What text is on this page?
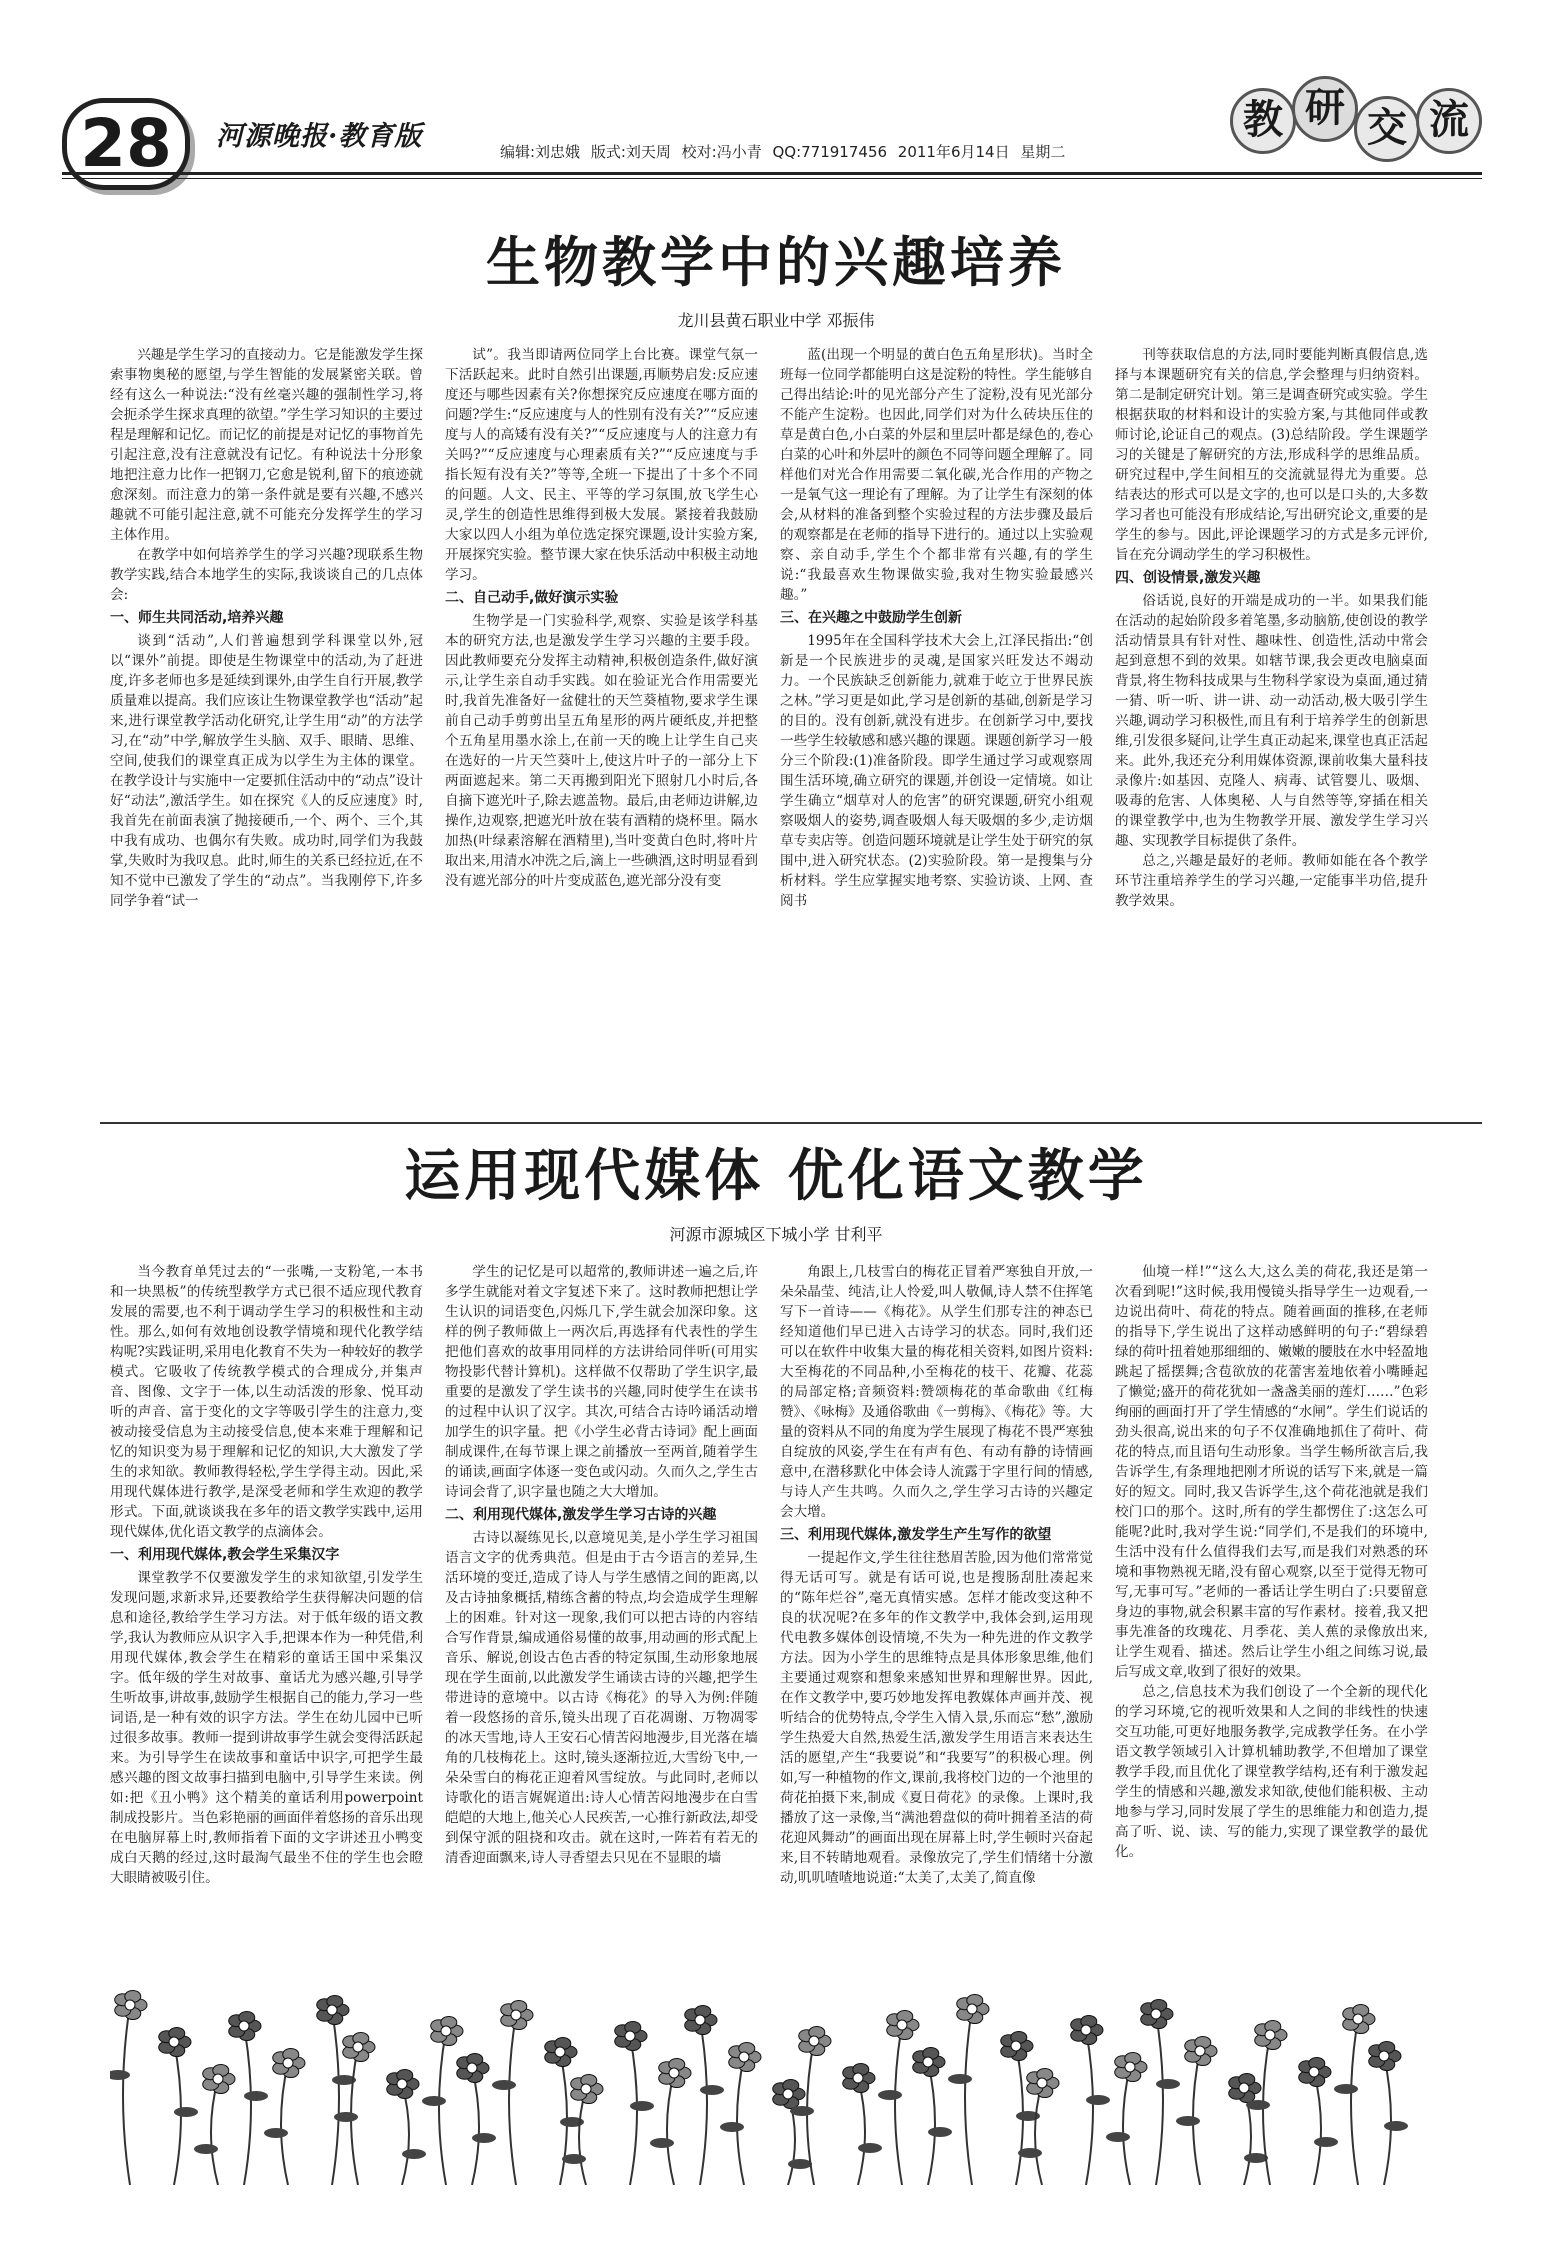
28	河源晚报·教育版	编辑:刘忠娥 版式:刘天周 校对:冯小青 QQ:771917456 2011年6月14日 星期二
教 研 交 流
生物教学中的兴趣培养
龙川县黄石职业中学 邓振伟

兴趣是学生学习的直接动力。它是能激发学生探索事物奥秘的愿望,与学生智能的发展紧密关联。曾经有这么一种说法:“没有丝毫兴趣的强制性学习,将会扼杀学生探求真理的欲望。”学生学习知识的主要过程是理解和记忆。而记忆的前提是对记忆的事物首先引起注意,没有注意就没有记忆。有种说法十分形象地把注意力比作一把钢刀,它愈是锐利,留下的痕迹就愈深刻。而注意力的第一条件就是要有兴趣,不感兴趣就不可能引起注意,就不可能充分发挥学生的学习主体作用。

在教学中如何培养学生的学习兴趣?现联系生物教学实践,结合本地学生的实际,我谈谈自己的几点体会:

一、师生共同活动,培养兴趣

谈到“活动”,人们普遍想到学科课堂以外,冠以“课外”前提。即使是生物课堂中的活动,为了赶进度,许多老师也多是延续到课外,由学生自行开展,教学质量难以提高。我们应该让生物课堂教学也“活动”起来,进行课堂教学活动化研究,让学生用“动”的方法学习,在“动”中学,解放学生头脑、双手、眼睛、思维、空间,使我们的课堂真正成为以学生为主体的课堂。在教学设计与实施中一定要抓住活动中的“动点”设计好“动法”,激活学生。如在探究《人的反应速度》时,我首先在前面表演了抛接硬币,一个、两个、三个,其中我有成功、也偶尔有失败。成功时,同学们为我鼓掌,失败时为我叹息。此时,师生的关系已经拉近,在不知不觉中已激发了学生的“动点”。当我刚停下,许多同学争着“试一

试”。我当即请两位同学上台比赛。课堂气氛一下活跃起来。此时自然引出课题,再顺势启发:反应速度还与哪些因素有关?你想探究反应速度在哪方面的问题?学生:“反应速度与人的性别有没有关?”“反应速度与人的高矮有没有关?”“反应速度与人的注意力有关吗?”“反应速度与心理素质有关?”“反应速度与手指长短有没有关?”等等,全班一下提出了十多个不同的问题。人文、民主、平等的学习氛围,放飞学生心灵,学生的创造性思维得到极大发展。紧接着我鼓励大家以四人小组为单位选定探究课题,设计实验方案,开展探究实验。整节课大家在快乐活动中积极主动地学习。

二、自己动手,做好演示实验

生物学是一门实验科学,观察、实验是该学科基本的研究方法,也是激发学生学习兴趣的主要手段。因此教师要充分发挥主动精神,积极创造条件,做好演示,让学生亲自动手实践。如在验证光合作用需要光时,我首先准备好一盆健壮的天竺葵植物,要求学生课前自己动手剪剪出呈五角星形的两片硬纸皮,并把整个五角星用墨水涂上,在前一天的晚上让学生自己夹在选好的一片天竺葵叶上,使这片叶子的一部分上下两面遮起来。第二天再搬到阳光下照射几小时后,各自摘下遮光叶子,除去遮盖物。最后,由老师边讲解,边操作,边观察,把遮光叶放在装有酒精的烧杯里。隔水加热(叶绿素溶解在酒精里),当叶变黄白色时,将叶片取出来,用清水冲洗之后,滴上一些碘酒,这时明显看到没有遮光部分的叶片变成蓝色,遮光部分没有变

蓝(出现一个明显的黄白色五角星形状)。当时全班每一位同学都能明白这是淀粉的特性。学生能够自己得出结论:叶的见光部分产生了淀粉,没有见光部分不能产生淀粉。也因此,同学们对为什么砖块压住的草是黄白色,小白菜的外层和里层叶都是绿色的,卷心白菜的心叶和外层叶的颜色不同等问题全理解了。同样他们对光合作用需要二氧化碳,光合作用的产物之一是氧气这一理论有了理解。为了让学生有深刻的体会,从材料的准备到整个实验过程的方法步骤及最后的观察都是在老师的指导下进行的。通过以上实验观察、亲自动手,学生个个都非常有兴趣,有的学生说:“我最喜欢生物课做实验,我对生物实验最感兴趣。”

三、在兴趣之中鼓励学生创新

1995年在全国科学技术大会上,江泽民指出:“创新是一个民族进步的灵魂,是国家兴旺发达不竭动力。一个民族缺乏创新能力,就难于屹立于世界民族之林。”学习更是如此,学习是创新的基础,创新是学习的目的。没有创新,就没有进步。在创新学习中,要找一些学生较敏感和感兴趣的课题。课题创新学习一般分三个阶段:(1)准备阶段。即学生通过学习或观察周围生活环境,确立研究的课题,并创设一定情境。如让学生确立“烟草对人的危害”的研究课题,研究小组观察吸烟人的姿势,调查吸烟人每天吸烟的多少,走访烟草专卖店等。创造问题环境就是让学生处于研究的氛围中,进入研究状态。(2)实验阶段。第一是搜集与分析材料。学生应掌握实地考察、实验访谈、上网、查阅书

刊等获取信息的方法,同时要能判断真假信息,选择与本课题研究有关的信息,学会整理与归纳资料。第二是制定研究计划。第三是调查研究或实验。学生根据获取的材料和设计的实验方案,与其他同伴或教师讨论,论证自己的观点。(3)总结阶段。学生课题学习的关键是了解研究的方法,形成科学的思维品质。研究过程中,学生间相互的交流就显得尤为重要。总结表达的形式可以是文字的,也可以是口头的,大多数学习者也可能没有形成结论,写出研究论文,重要的是学生的参与。因此,评论课题学习的方式是多元评价,旨在充分调动学生的学习积极性。

四、创设情景,激发兴趣

俗话说,良好的开端是成功的一半。如果我们能在活动的起始阶段多着笔墨,多动脑筋,使创设的教学活动情景具有针对性、趣味性、创造性,活动中常会起到意想不到的效果。如辖节课,我会更改电脑桌面背景,将生物科技成果与生物科学家设为桌面,通过猜一猜、听一听、讲一讲、动一动活动,极大吸引学生兴趣,调动学习积极性,而且有利于培养学生的创新思维,引发很多疑问,让学生真正动起来,课堂也真正活起来。此外,我还充分利用媒体资源,课前收集大量科技录像片:如基因、克隆人、病毒、试管婴儿、吸烟、吸毒的危害、人体奥秘、人与自然等等,穿插在相关的课堂教学中,也为生物教学开展、激发学生学习兴趣、实现教学目标提供了条件。

总之,兴趣是最好的老师。教师如能在各个教学环节注重培养学生的学习兴趣,一定能事半功倍,提升教学效果。

运用现代媒体 优化语文教学
河源市源城区下城小学 甘利平

当今教育单凭过去的“一张嘴,一支粉笔,一本书和一块黑板”的传统型教学方式已很不适应现代教育发展的需要,也不利于调动学生学习的积极性和主动性。那么,如何有效地创设教学情境和现代化教学结构呢?实践证明,采用电化教育不失为一种较好的教学模式。它吸收了传统教学模式的合理成分,并集声音、图像、文字于一体,以生动活泼的形象、悦耳动听的声音、富于变化的文字等吸引学生的注意力,变被动接受信息为主动接受信息,使本来难于理解和记忆的知识变为易于理解和记忆的知识,大大激发了学生的求知欲。教师教得轻松,学生学得主动。因此,采用现代媒体进行教学,是深受老师和学生欢迎的教学形式。下面,就谈谈我在多年的语文教学实践中,运用现代媒体,优化语文教学的点滴体会。

一、利用现代媒体,教会学生采集汉字

课堂教学不仅要激发学生的求知欲望,引发学生发现问题,求新求异,还要教给学生获得解决问题的信息和途径,教给学生学习方法。对于低年级的语文教学,我认为教师应从识字入手,把课本作为一种凭借,利用现代媒体,教会学生在精彩的童话王国中采集汉字。低年级的学生对故事、童话尤为感兴趣,引导学生听故事,讲故事,鼓励学生根据自己的能力,学习一些词语,是一种有效的识字方法。学生在幼儿园中已听过很多故事。教师一提到讲故事学生就会变得活跃起来。为引导学生在读故事和童话中识字,可把学生最感兴趣的图文故事扫描到电脑中,引导学生来读。例如:把《丑小鸭》这个精美的童话利用powerpoint制成投影片。当色彩艳丽的画面伴着悠扬的音乐出现在电脑屏幕上时,教师指着下面的文字讲述丑小鸭变成白天鹅的经过,这时最淘气最坐不住的学生也会瞪大眼睛被吸引住。

学生的记忆是可以超常的,教师讲述一遍之后,许多学生就能对着文字复述下来了。这时教师把想让学生认识的词语变色,闪烁几下,学生就会加深印象。这样的例子教师做上一两次后,再选择有代表性的学生把他们喜欢的故事用同样的方法讲给同伴听(可用实物投影代替计算机)。这样做不仅帮助了学生识字,最重要的是激发了学生读书的兴趣,同时使学生在读书的过程中认识了汉字。其次,可结合古诗吟诵活动增加学生的识字量。把《小学生必背古诗词》配上画面制成课件,在每节课上课之前播放一至两首,随着学生的诵读,画面字体逐一变色或闪动。久而久之,学生古诗词会背了,识字量也随之大大增加。

二、利用现代媒体,激发学生学习古诗的兴趣

古诗以凝练见长,以意境见美,是小学生学习祖国语言文字的优秀典范。但是由于古今语言的差异,生活环境的变迁,造成了诗人与学生感情之间的距离,以及古诗抽象概括,精练含蓄的特点,均会造成学生理解上的困难。针对这一现象,我们可以把古诗的内容结合写作背景,编成通俗易懂的故事,用动画的形式配上音乐、解说,创设古色古香的特定氛围,生动形象地展现在学生面前,以此激发学生诵读古诗的兴趣,把学生带进诗的意境中。以古诗《梅花》的导入为例:伴随着一段悠扬的音乐,镜头出现了百花凋谢、万物凋零的冰天雪地,诗人王安石心情苦闷地漫步,目光落在墙角的几枝梅花上。这时,镜头逐渐拉近,大雪纷飞中,一朵朵雪白的梅花正迎着风雪绽放。与此同时,老师以诗歌化的语言娓娓道出:诗人心情苦闷地漫步在白雪皑皑的大地上,他关心人民疾苦,一心推行新政法,却受到保守派的阻挠和攻击。就在这时,一阵若有若无的清香迎面飘来,诗人寻香望去只见在不显眼的墙

角跟上,几枝雪白的梅花正冒着严寒独自开放,一朵朵晶莹、纯洁,让人怜爱,叫人敬佩,诗人禁不住挥笔写下一首诗——《梅花》。从学生们那专注的神态已经知道他们早已进入古诗学习的状态。同时,我们还可以在软件中收集大量的梅花相关资料,如图片资料:大至梅花的不同品种,小至梅花的枝干、花瓣、花蕊的局部定格;音频资料:赞颂梅花的革命歌曲《红梅赞》、《咏梅》及通俗歌曲《一剪梅》、《梅花》等。大量的资料从不同的角度为学生展现了梅花不畏严寒独自绽放的风姿,学生在有声有色、有动有静的诗情画意中,在潜移默化中体会诗人流露于字里行间的情感,与诗人产生共鸣。久而久之,学生学习古诗的兴趣定会大增。

三、利用现代媒体,激发学生产生写作的欲望

一提起作文,学生往往愁眉苦脸,因为他们常常觉得无话可写。就是有话可说,也是搜肠刮肚凑起来的“陈年烂谷”,毫无真情实感。怎样才能改变这种不良的状况呢?在多年的作文教学中,我体会到,运用现代电教多媒体创设情境,不失为一种先进的作文教学方法。因为小学生的思维特点是具体形象思维,他们主要通过观察和想象来感知世界和理解世界。因此,在作文教学中,要巧妙地发挥电教媒体声画并茂、视听结合的优势特点,令学生入情入景,乐而忘“愁”,激励学生热爱大自然,热爱生活,激发学生用语言来表达生活的愿望,产生“我要说”和“我要写”的积极心理。例如,写一种植物的作文,课前,我将校门边的一个池里的荷花拍摄下来,制成《夏日荷花》的录像。上课时,我播放了这一录像,当“满池碧盘似的荷叶拥着圣洁的荷花迎风舞动”的画面出现在屏幕上时,学生顿时兴奋起来,目不转睛地观看。录像放完了,学生们情绪十分激动,叽叽喳喳地说道:“太美了,太美了,简直像

仙境一样!”“这么大,这么美的荷花,我还是第一次看到呢!”这时候,我用慢镜头指导学生一边观看,一边说出荷叶、荷花的特点。随着画面的推移,在老师的指导下,学生说出了这样动感鲜明的句子:“碧绿碧绿的荷叶扭着她那细细的、嫩嫩的腰肢在水中轻盈地跳起了摇摆舞;含苞欲放的花蕾害羞地依着小嘴睡起了懒觉;盛开的荷花犹如一盏盏美丽的莲灯……”色彩绚丽的画面打开了学生情感的“水闸”。学生们说话的劲头很高,说出来的句子不仅准确地抓住了荷叶、荷花的特点,而且语句生动形象。当学生畅所欲言后,我告诉学生,有条理地把刚才所说的话写下来,就是一篇好的短文。同时,我又告诉学生,这个荷花池就是我们校门口的那个。这时,所有的学生都愣住了:这怎么可能呢?此时,我对学生说:“同学们,不是我们的环境中,生活中没有什么值得我们去写,而是我们对熟悉的环境和事物熟视无睹,没有留心观察,以至于觉得无物可写,无事可写。”老师的一番话让学生明白了:只要留意身边的事物,就会积累丰富的写作素材。接着,我又把事先准备的玫瑰花、月季花、美人蕉的录像放出来,让学生观看、描述。然后让学生小组之间练习说,最后写成文章,收到了很好的效果。

总之,信息技术为我们创设了一个全新的现代化的学习环境,它的视听效果和人之间的非线性的快速交互功能,可更好地服务教学,完成教学任务。在小学语文教学领域引入计算机辅助教学,不但增加了课堂教学手段,而且优化了课堂教学结构,还有利于激发起学生的情感和兴趣,激发求知欲,使他们能积极、主动地参与学习,同时发展了学生的思维能力和创造力,提高了听、说、读、写的能力,实现了课堂教学的最优化。
